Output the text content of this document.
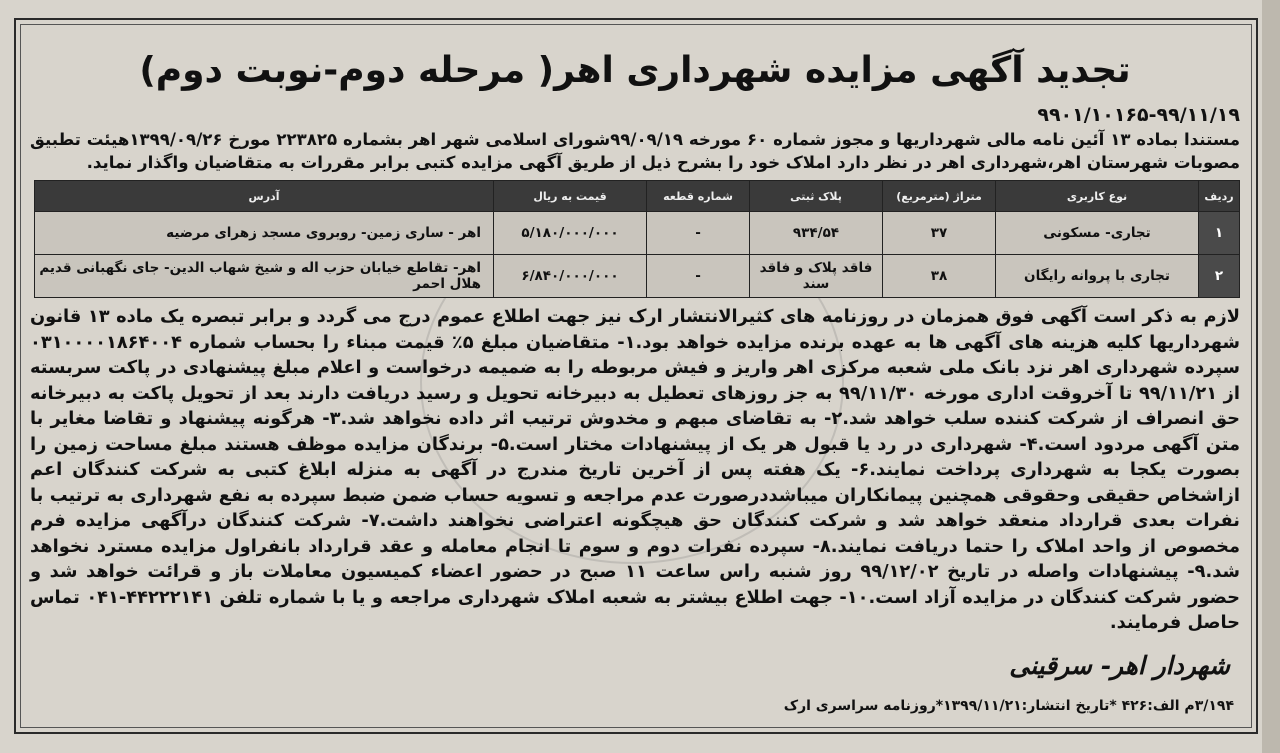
تجدید آگهی مزایده شهرداری اهر( مرحله دوم-نوبت دوم)
۹۹۰۱/۱۰۱۶۵-۹۹/۱۱/۱۹
مستندا بماده ۱۳ آئین نامه مالی شهرداریها و مجوز شماره ۶۰ مورخه ۹۹/۰۹/۱۹شورای اسلامی شهر اهر بشماره ۲۲۳۸۲۵ مورخ ۱۳۹۹/۰۹/۲۶هیئت تطبیق مصوبات شهرستان اهر،شهرداری اهر در نظر دارد املاک خود را بشرح ذیل از طریق آگهی مزایده کتبی برابر مقررات به متقاضیان واگذار نماید.
ردیف	نوع کاربری	متراژ (مترمربع)	پلاک ثبتی	شماره قطعه	قیمت به ریال	آدرس
۱	تجاری- مسکونی	۳۷	۹۳۴/۵۴	-	۵/۱۸۰/۰۰۰/۰۰۰	اهر - ساری زمین- روبروی مسجد زهرای مرضیه
۲	تجاری با پروانه رایگان	۳۸	فاقد پلاک و فاقد سند	-	۶/۸۴۰/۰۰۰/۰۰۰	اهر- تقاطع خیابان حزب اله و شیخ شهاب الدین- جای نگهبانی قدیم هلال احمر
لازم به ذکر است آگهی فوق همزمان در روزنامه های کثیرالانتشار ارک نیز جهت اطلاع عموم درج می گردد و برابر تبصره یک ماده ۱۳ قانون شهرداریها کلیه هزینه های آگهی ها به عهده برنده مزایده خواهد بود.۱- متقاضیان مبلغ ۵٪ قیمت مبناء را بحساب شماره ۰۳۱۰۰۰۰۱۸۶۴۰۰۴ سپرده شهرداری اهر نزد بانک ملی شعبه مرکزی اهر واریز و فیش مربوطه را به ضمیمه درخواست و اعلام مبلغ پیشنهادی در پاکت سربسته از ۹۹/۱۱/۲۱ تا آخروقت اداری مورخه ۹۹/۱۱/۳۰ به جز روزهای تعطیل به دبیرخانه تحویل و رسید دریافت دارند بعد از تحویل پاکت به دبیرخانه حق انصراف از شرکت کننده سلب خواهد شد.۲- به تقاضای مبهم و مخدوش ترتیب اثر داده نخواهد شد.۳- هرگونه پیشنهاد و تقاضا مغایر با متن آگهی مردود است.۴- شهرداری در رد یا قبول هر یک از پیشنهادات مختار است.۵- برندگان مزایده موظف هستند مبلغ مساحت زمین را بصورت یکجا به شهرداری پرداخت نمایند.۶- یک هفته پس از آخرین تاریخ مندرج در آگهی به منزله ابلاغ کتبی به شرکت کنندگان اعم ازاشخاص حقیقی وحقوقی همچنین پیمانکاران میباشددرصورت عدم مراجعه و تسویه حساب ضمن ضبط سپرده به نفع شهرداری به ترتیب با نفرات بعدی قرارداد منعقد خواهد شد و شرکت کنندگان حق هیچگونه اعتراضی نخواهند داشت.۷- شرکت کنندگان درآگهی مزایده فرم مخصوص از واحد املاک را حتما دریافت نمایند.۸- سپرده نفرات دوم و سوم تا انجام معامله و عقد قرارداد بانفراول مزایده مسترد نخواهد شد.۹- پیشنهادات واصله در تاریخ ۹۹/۱۲/۰۲ روز شنبه راس ساعت ۱۱ صبح در حضور اعضاء کمیسیون معاملات باز و قرائت خواهد شد و حضور شرکت کنندگان در مزایده آزاد است.۱۰- جهت اطلاع بیشتر به شعبه املاک شهرداری مراجعه و یا با شماره تلفن ۴۴۲۲۲۱۴۱-۰۴۱ تماس حاصل فرمایند.
شهردار اهر- سرقینی
۳/۱۹۴م الف:۴۲۶ *تاریخ انتشار:۱۳۹۹/۱۱/۲۱*روزنامه سراسری ارک
